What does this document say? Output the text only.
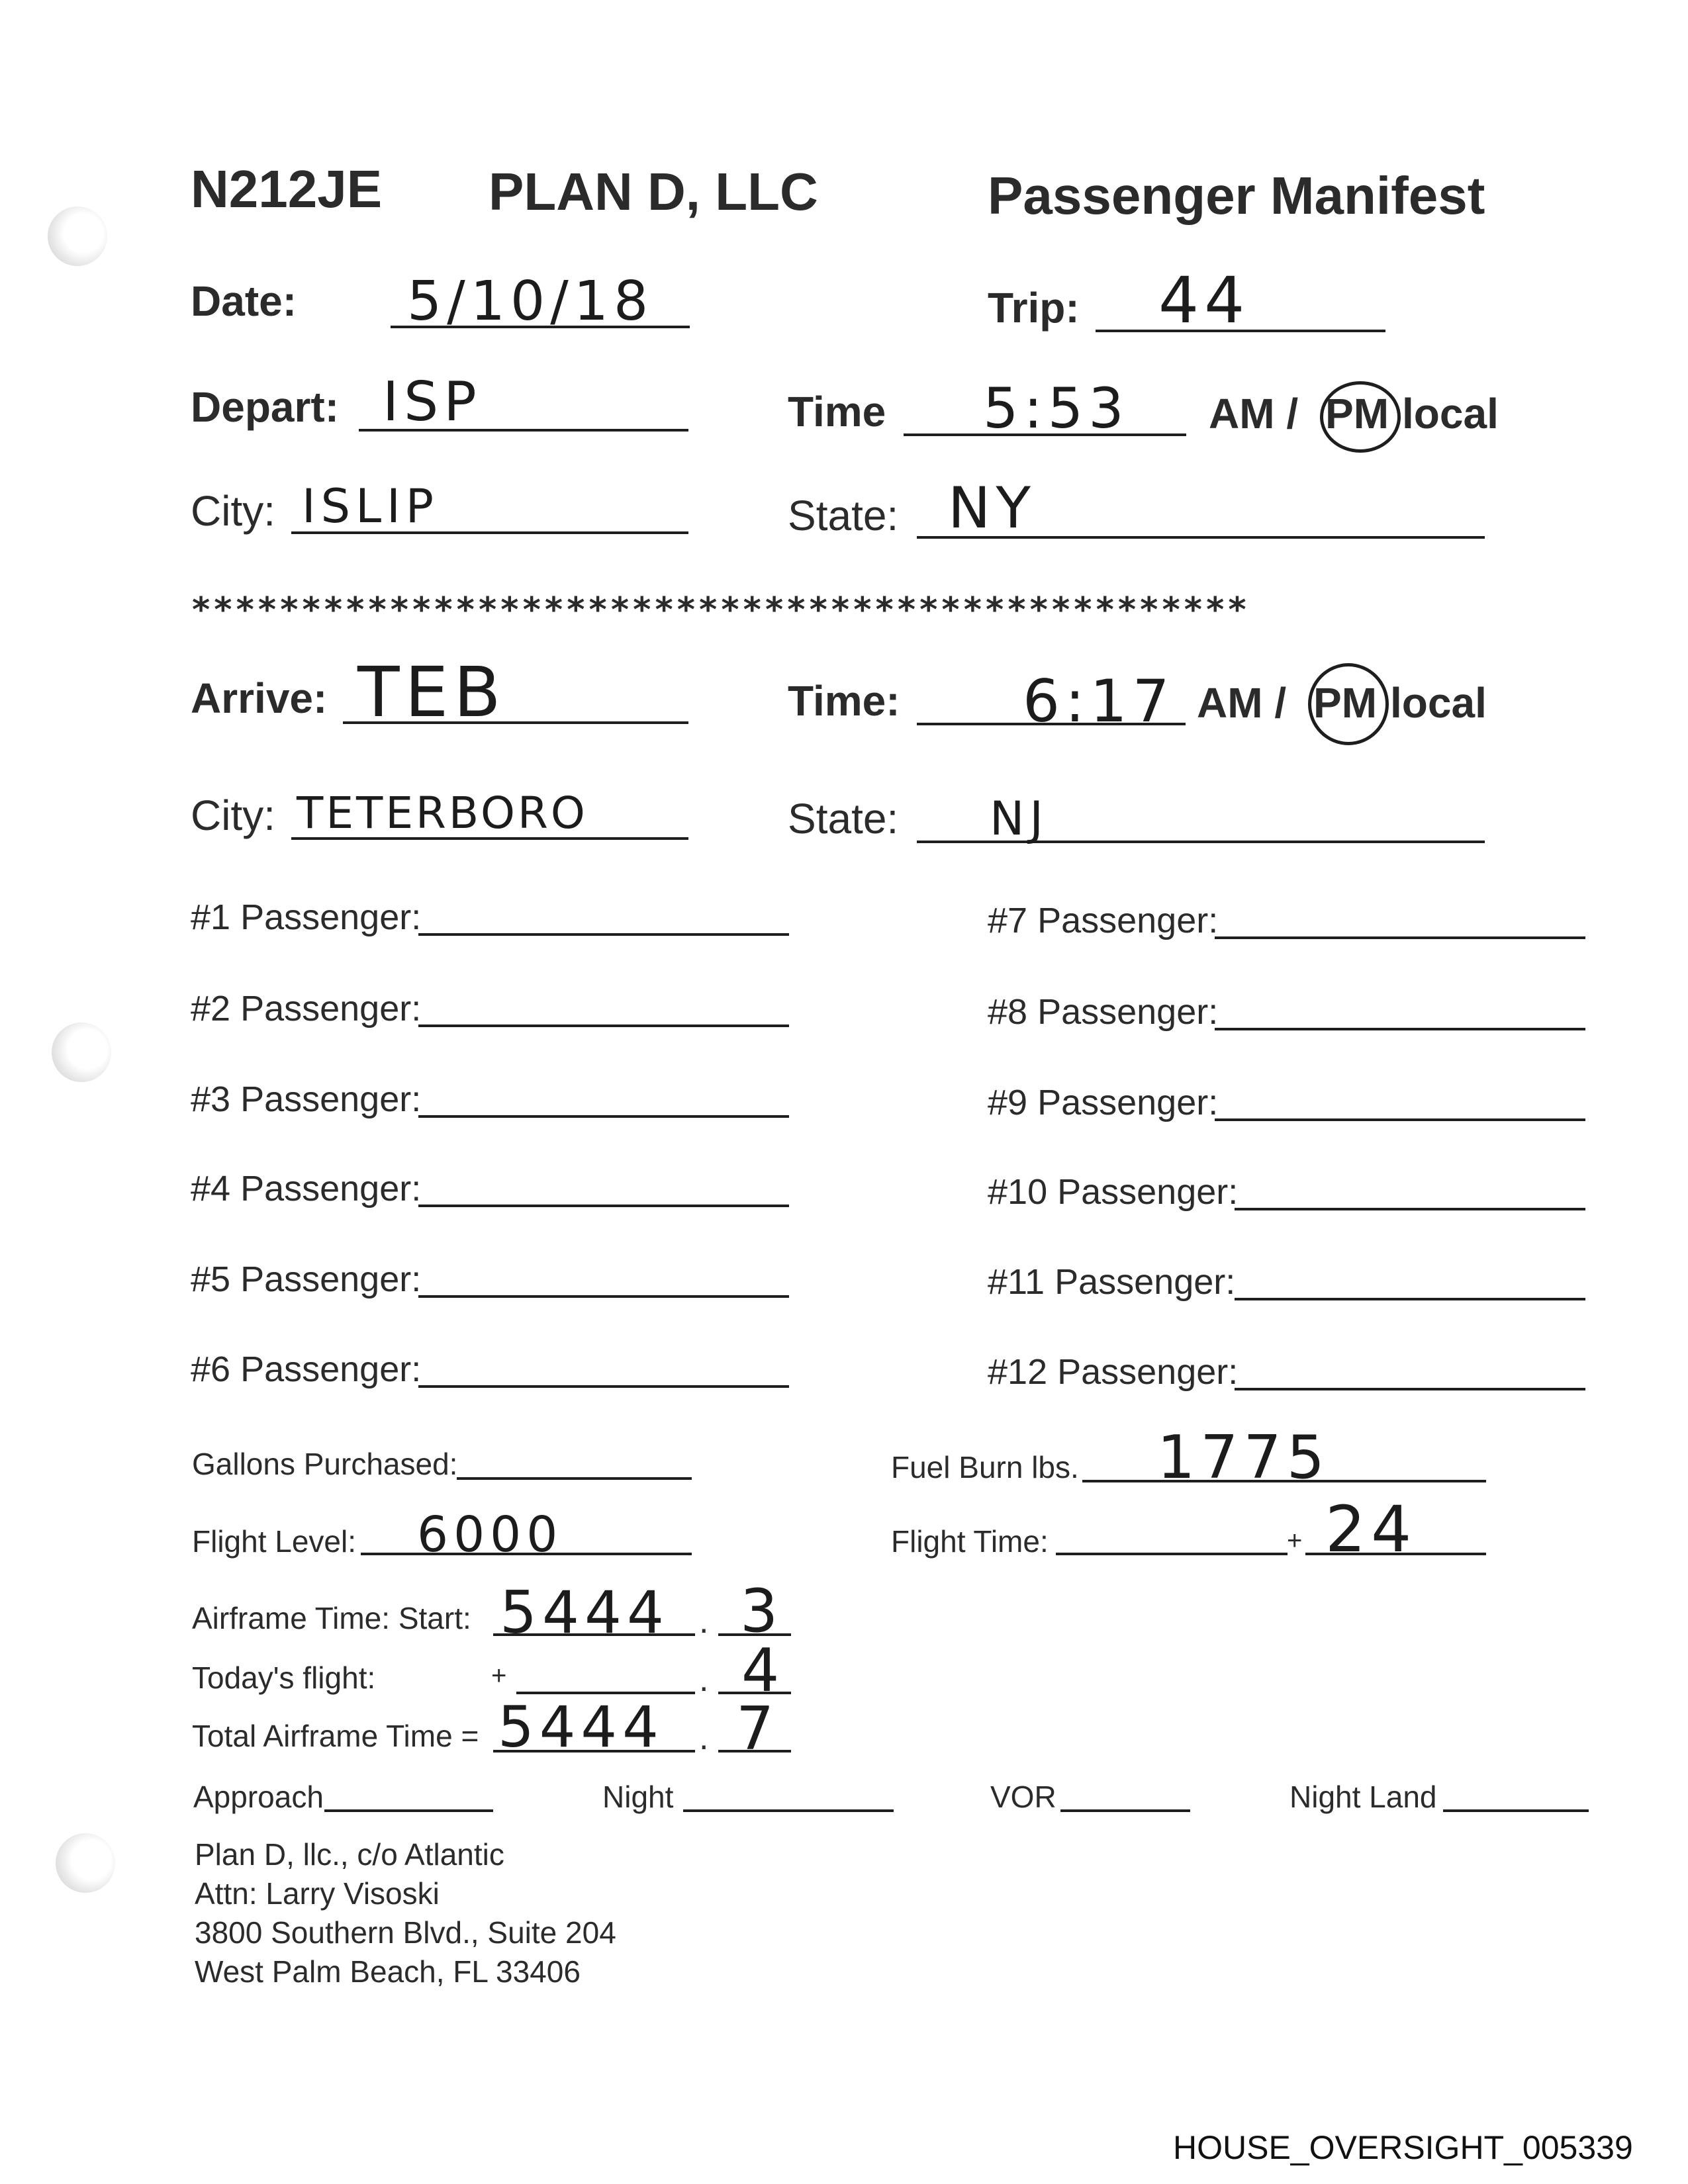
N212JE PLAN D, LLC	Passenger Manifest
Date: 5/10/18	Trip: 44
Depart: ISP	Time 5:53 AM / PM local
City: ISLIP	State: NY
************************************************
Arrive: TEB	Time: 6:17 AM / PM local
City: TETERBORO	State: NJ
#1 Passenger:
#2 Passenger:
#3 Passenger:
#4 Passenger:
#5 Passenger:
#6 Passenger:
#7 Passenger:
#8 Passenger:
#9 Passenger:
#10 Passenger:
#11 Passenger:
#12 Passenger:
Gallons Purchased:	Fuel Burn lbs. 1775
Flight Level: 6000	Flight Time:	+ 24
Airframe Time: Start: 5444 . 3
Today's flight:	+	. 4
Total Airframe Time = 5444 . 7
Approach	Night	VOR	Night Land
Plan D, llc., c/o Atlantic
Attn: Larry Visoski
3800 Southern Blvd., Suite 204
West Palm Beach, FL 33406
HOUSE_OVERSIGHT_005339
